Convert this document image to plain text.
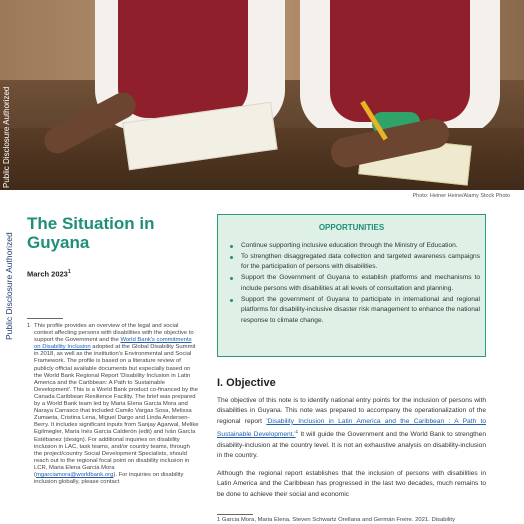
Public Disclosure Authorized
Photo: Heiner Heine/Alamy Stock Photo
Public Disclosure Authorized
The Situation in Guyana
March 2023$^1$
1 This profile provides an overview of the legal and social context affecting persons with disabilities with the objective to support the Government and the World Bank's commitments on Disability Inclusion adopted at the Global Disability Summit in 2018, as well as the institution's Environmental and Social Framework. The profile is based on a literature review of publicly official available documents but especially based on the World Bank Regional Report 'Disability Inclusion in Latin America and the Caribbean: A Path to Sustainable Development'. This is a World Bank product co-financed by the Canada Caribbean Resilience Facility. The brief was prepared by a World Bank team led by Maria Elena Garcia Mora and Naraya Carrasco that included Camilo Vargas Sosa, Melissa Zumaeta, Cristina Lena, Miguel Dargo and Linda Andersen-Berry. It includes significant inputs from Sanjay Agarwal, Melike Egilmegler, Maria Inés Garcia Calderón (edit) and Iván García Estébanez (design). For additional inquiries on disability inclusion in LAC, task teams, and/or country teams, through the project/country Social Development Specialists, should reach out to the regional focal point on disability inclusion in LCR, Maria Elena Garcia Mora (mgarciamora@worldbank.org). For inquiries on disability inclusion globally, please contact
OPPORTUNITIES
Continue supporting inclusive education through the Ministry of Education.
To strengthen disaggregated data collection and targeted awareness campaigns for the participation of persons with disabilities.
Support the Government of Guyana to establish platforms and mechanisms to include persons with disabilities at all levels of consultation and planning.
Support the government of Guyana to participate in international and regional platforms for disability-inclusive disaster risk management to enhance the national response to climate change.
I. Objective

The objective of this note is to identify national entry points for the inclusion of persons with disabilities in Guyana. This note was prepared to accompany the operationalization of the regional report 'Disability Inclusion in Latin America and the Caribbean : A Path to Sustainable $Development.'^1$ It will guide the Government and the World Bank to strengthen disability-inclusion at the country level. It is not an exhaustive analysis on disability-inclusion in the country.

Although the regional report establishes that the inclusion of persons with disabilities in Latin America and the Caribbean has progressed in the last two decades, much remains to be done to achieve their social and economic

1 Garcia Mora, Maria Elena, Steven Schwartz Orellana and Germán Freire. 2021. Disability
